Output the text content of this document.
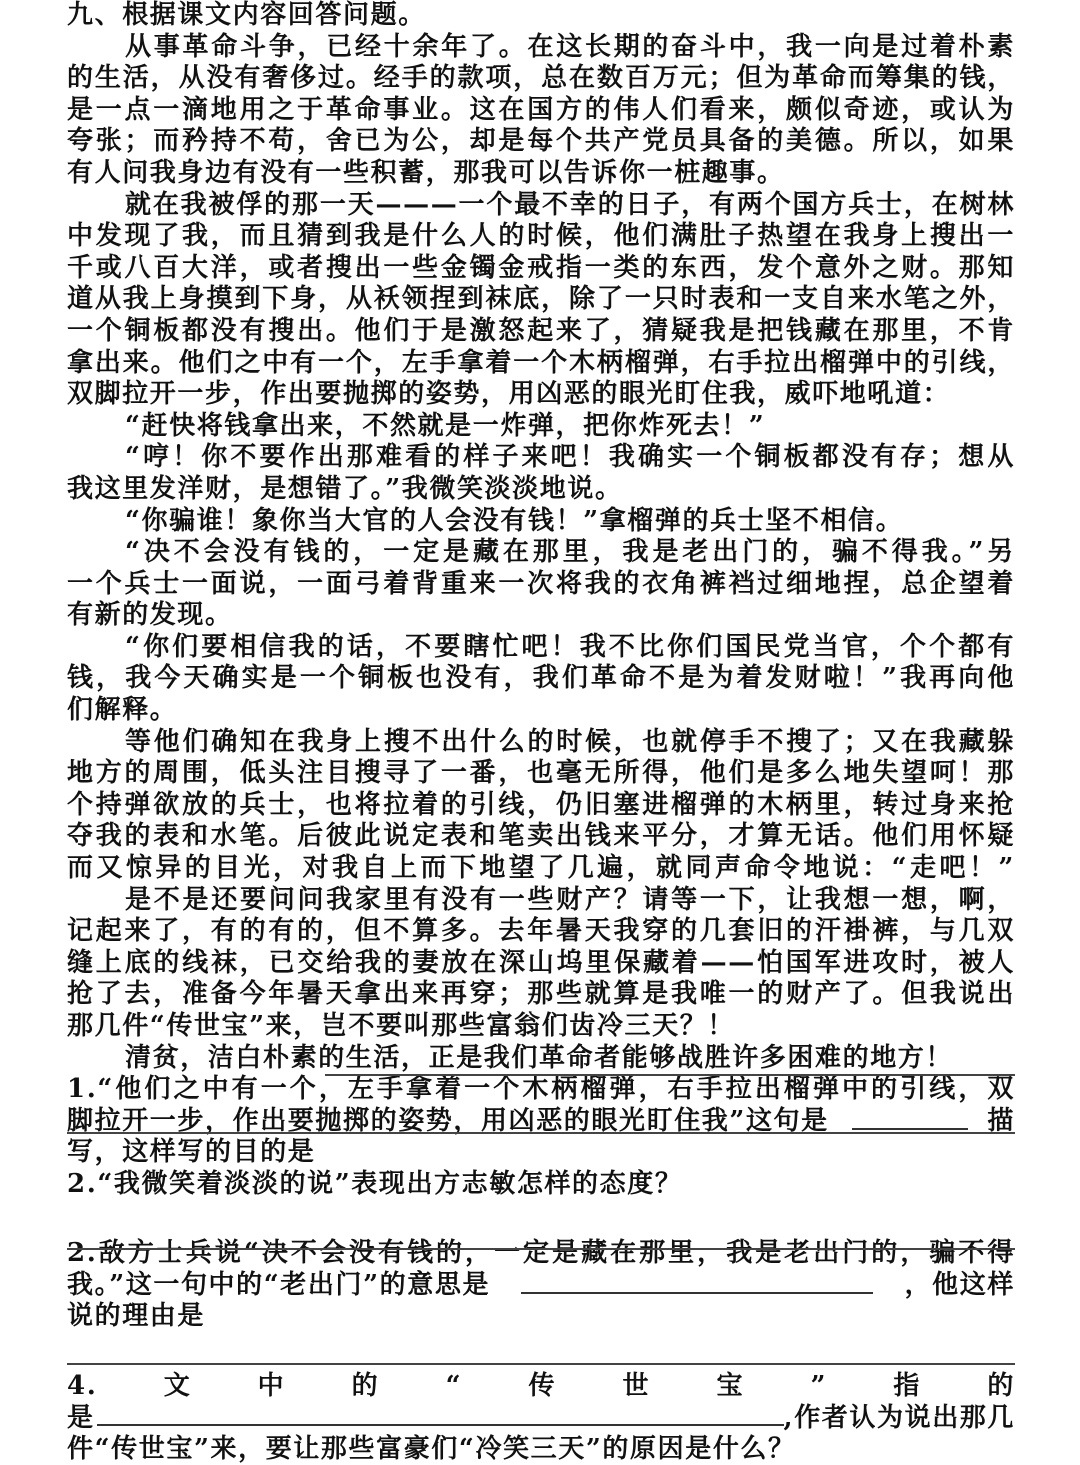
九、根据课文内容回答问题。
从事革命斗争，已经十余年了。在这长期的奋斗中，我一向是过着朴素
的生活，从没有奢侈过。经手的款项，总在数百万元；但为革命而筹集的钱，
是一点一滴地用之于革命事业。这在国方的伟人们看来，颇似奇迹，或认为
夸张；而矜持不苟，舍已为公，却是每个共产党员具备的美德。所以，如果
有人问我身边有没有一些积蓄，那我可以告诉你一桩趣事。
就在我被俘的那一天———一个最不幸的日子，有两个国方兵士，在树林
中发现了我，而且猜到我是什么人的时候，他们满肚子热望在我身上搜出一
千或八百大洋，或者搜出一些金镯金戒指一类的东西，发个意外之财。那知
道从我上身摸到下身，从袄领捏到袜底，除了一只时表和一支自来水笔之外，
一个铜板都没有搜出。他们于是激怒起来了，猜疑我是把钱藏在那里，不肯
拿出来。他们之中有一个，左手拿着一个木柄榴弹，右手拉出榴弹中的引线，
双脚拉开一步，作出要抛掷的姿势，用凶恶的眼光盯住我，威吓地吼道：
“赶快将钱拿出来，不然就是一炸弹，把你炸死去！”
“哼！你不要作出那难看的样子来吧！我确实一个铜板都没有存；想从
我这里发洋财，是想错了。”我微笑淡淡地说。
“你骗谁！象你当大官的人会没有钱！”拿榴弹的兵士坚不相信。
“决不会没有钱的，一定是藏在那里，我是老出门的，骗不得我。”另
一个兵士一面说，一面弓着背重来一次将我的衣角裤裆过细地捏，总企望着
有新的发现。
“你们要相信我的话，不要瞎忙吧！我不比你们国民党当官，个个都有
钱，我今天确实是一个铜板也没有，我们革命不是为着发财啦！”我再向他
们解释。
等他们确知在我身上搜不出什么的时候，也就停手不搜了；又在我藏躲
地方的周围，低头注目搜寻了一番，也毫无所得，他们是多么地失望呵！那
个持弹欲放的兵士，也将拉着的引线，仍旧塞进榴弹的木柄里，转过身来抢
夺我的表和水笔。后彼此说定表和笔卖出钱来平分，才算无话。他们用怀疑
而又惊异的目光，对我自上而下地望了几遍，就同声命令地说：“走吧！”
是不是还要问问我家里有没有一些财产？请等一下，让我想一想，啊，
记起来了，有的有的，但不算多。去年暑天我穿的几套旧的汗褂裤，与几双
缝上底的线袜，已交给我的妻放在深山坞里保藏着——怕国军进攻时，被人
抢了去，准备今年暑天拿出来再穿；那些就算是我唯一的财产了。但我说出
那几件“传世宝”来，岂不要叫那些富翁们齿冷三天？！
清贫，洁白朴素的生活，正是我们革命者能够战胜许多困难的地方！
1.“他们之中有一个，左手拿着一个木柄榴弹，右手拉出榴弹中的引线，双
脚拉开一步，作出要抛掷的姿势，用凶恶的眼光盯住我”这句是	描
写，这样写的目的是
2.“我微笑着淡淡的说”表现出方志敏怎样的态度？
2.敌方士兵说“决不会没有钱的，一定是藏在那里，我是老出门的，骗不得
我。”这一句中的“老出门”的意思是	，他这样
说的理由是
4.	文	中	的	“	传	世	宝	”	指	的
是	,作者认为说出那几
件“传世宝”来，要让那些富豪们“冷笑三天”的原因是什么？
